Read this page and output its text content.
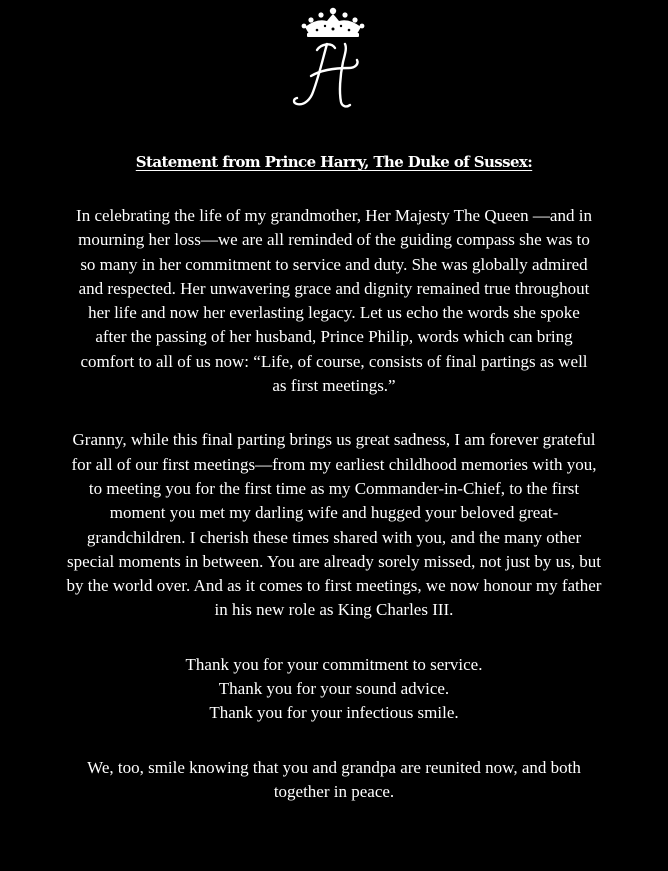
Statement from Prince Harry, The Duke of Sussex:

In celebrating the life of my grandmother, Her Majesty The Queen —and in mourning her loss—we are all reminded of the guiding compass she was to so many in her commitment to service and duty. She was globally admired and respected. Her unwavering grace and dignity remained true throughout her life and now her everlasting legacy. Let us echo the words she spoke after the passing of her husband, Prince Philip, words which can bring comfort to all of us now: “Life, of course, consists of final partings as well as first meetings.”

Granny, while this final parting brings us great sadness, I am forever grateful for all of our first meetings—from my earliest childhood memories with you, to meeting you for the first time as my Commander-in-Chief, to the first moment you met my darling wife and hugged your beloved great-grandchildren. I cherish these times shared with you, and the many other special moments in between. You are already sorely missed, not just by us, but by the world over. And as it comes to first meetings, we now honour my father in his new role as King Charles III.

Thank you for your commitment to service.
Thank you for your sound advice.
Thank you for your infectious smile.

We, too, smile knowing that you and grandpa are reunited now, and both together in peace.
